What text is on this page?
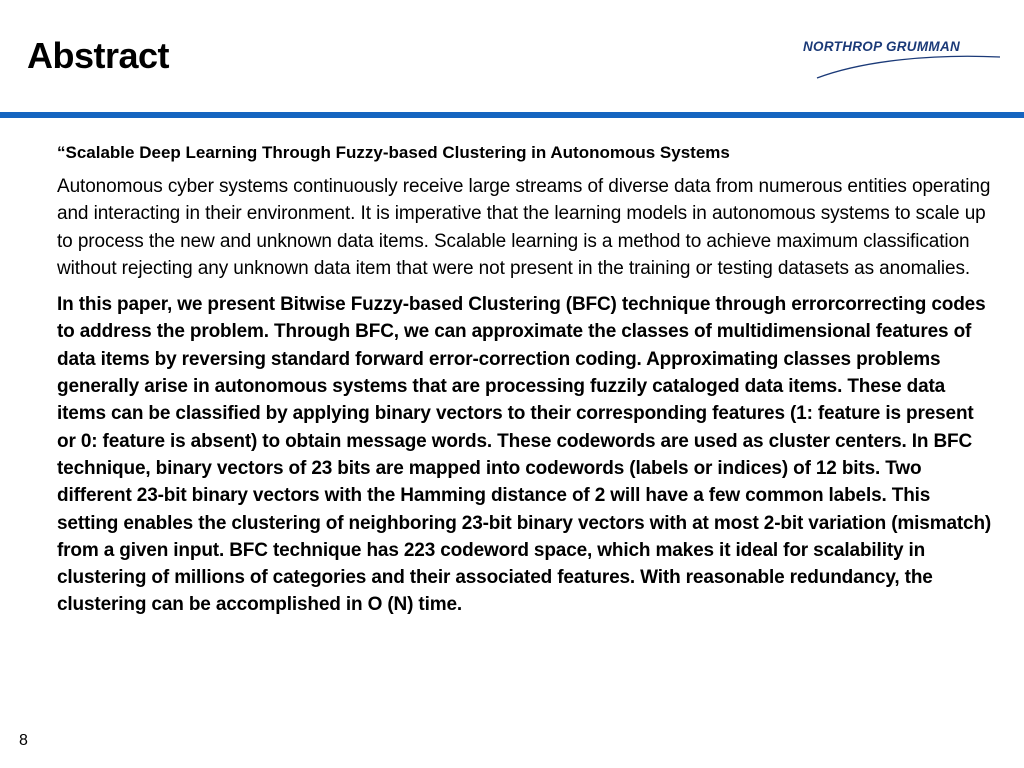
Abstract	NORTHROP GRUMMAN

“Scalable Deep Learning Through Fuzzy-based Clustering in Autonomous Systems

Autonomous cyber systems continuously receive large streams of diverse data from numerous entities operating and interacting in their environment. It is imperative that the learning models in autonomous systems to scale up to process the new and unknown data items. Scalable learning is a method to achieve maximum classification without rejecting any unknown data item that were not present in the training or testing datasets as anomalies.

In this paper, we present Bitwise Fuzzy-based Clustering (BFC) technique through errorcorrecting codes to address the problem. Through BFC, we can approximate the classes of multidimensional features of data items by reversing standard forward error-correction coding. Approximating classes problems generally arise in autonomous systems that are processing fuzzily cataloged data items. These data items can be classified by applying binary vectors to their corresponding features (1: feature is present or 0: feature is absent) to obtain message words. These codewords are used as cluster centers. In BFC technique, binary vectors of 23 bits are mapped into codewords (labels or indices) of 12 bits. Two different 23-bit binary vectors with the Hamming distance of 2 will have a few common labels. This setting enables the clustering of neighboring 23-bit binary vectors with at most 2-bit variation (mismatch) from a given input. BFC technique has 223 codeword space, which makes it ideal for scalability in clustering of millions of categories and their associated features. With reasonable redundancy, the clustering can be accomplished in O (N) time.

8
